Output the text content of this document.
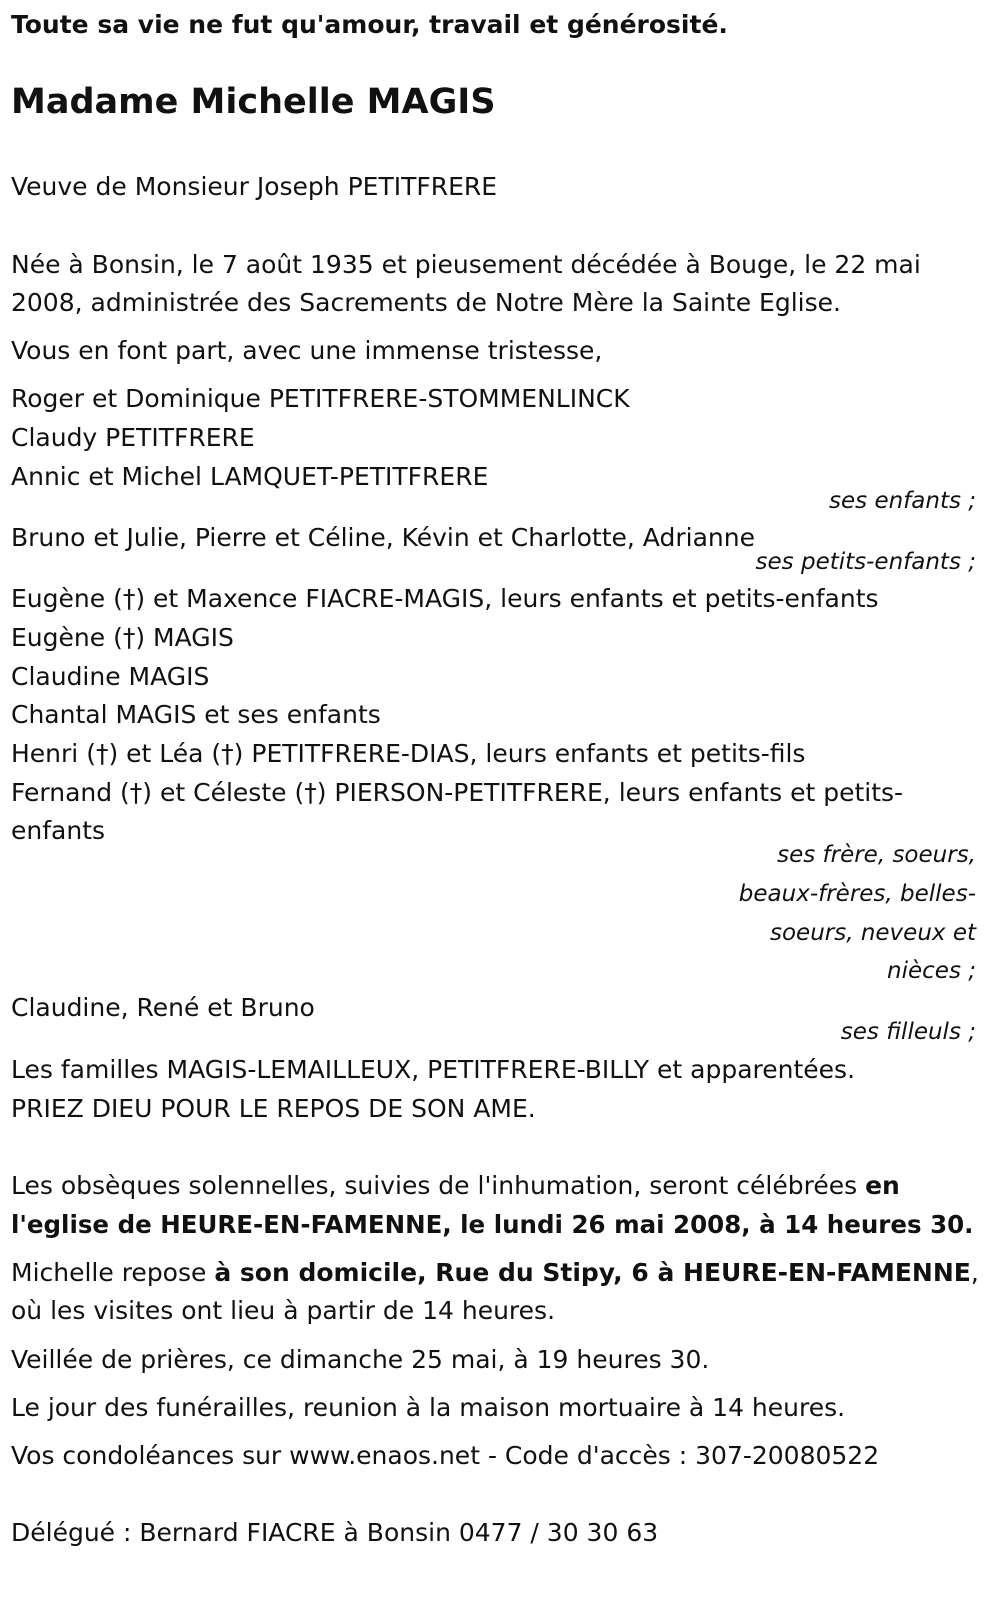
Toute sa vie ne fut qu'amour, travail et générosité.

Madame Michelle MAGIS

Veuve de Monsieur Joseph PETITFRERE

Née à Bonsin, le 7 août 1935 et pieusement décédée à Bouge, le 22 mai

2008, administrée des Sacrements de Notre Mère la Sainte Eglise.

Vous en font part, avec une immense tristesse,

Roger et Dominique PETITFRERE-STOMMENLINCK

Claudy PETITFRERE

Annic et Michel LAMQUET-PETITFRERE

ses enfants ;

Bruno et Julie, Pierre et Céline, Kévin et Charlotte, Adrianne

ses petits-enfants ;

Eugène (†) et Maxence FIACRE-MAGIS, leurs enfants et petits-enfants

Eugène (†) MAGIS

Claudine MAGIS

Chantal MAGIS et ses enfants

Henri (†) et Léa (†) PETITFRERE-DIAS, leurs enfants et petits-fils

Fernand (†) et Céleste (†) PIERSON-PETITFRERE, leurs enfants et petits-

enfants

ses frère, soeurs,

beaux-frères, belles-

soeurs, neveux et

nièces ;

Claudine, René et Bruno

ses filleuls ;

Les familles MAGIS-LEMAILLEUX, PETITFRERE-BILLY et apparentées.

PRIEZ DIEU POUR LE REPOS DE SON AME.

Les obsèques solennelles, suivies de l'inhumation, seront célébrées en

l'eglise de HEURE-EN-FAMENNE, le lundi 26 mai 2008, à 14 heures 30.

Michelle repose à son domicile, Rue du Stipy, 6 à HEURE-EN-FAMENNE,

où les visites ont lieu à partir de 14 heures.

Veillée de prières, ce dimanche 25 mai, à 19 heures 30.

Le jour des funérailles, reunion à la maison mortuaire à 14 heures.

Vos condoléances sur www.enaos.net - Code d'accès : 307-20080522

Délégué : Bernard FIACRE à Bonsin 0477 / 30 30 63
